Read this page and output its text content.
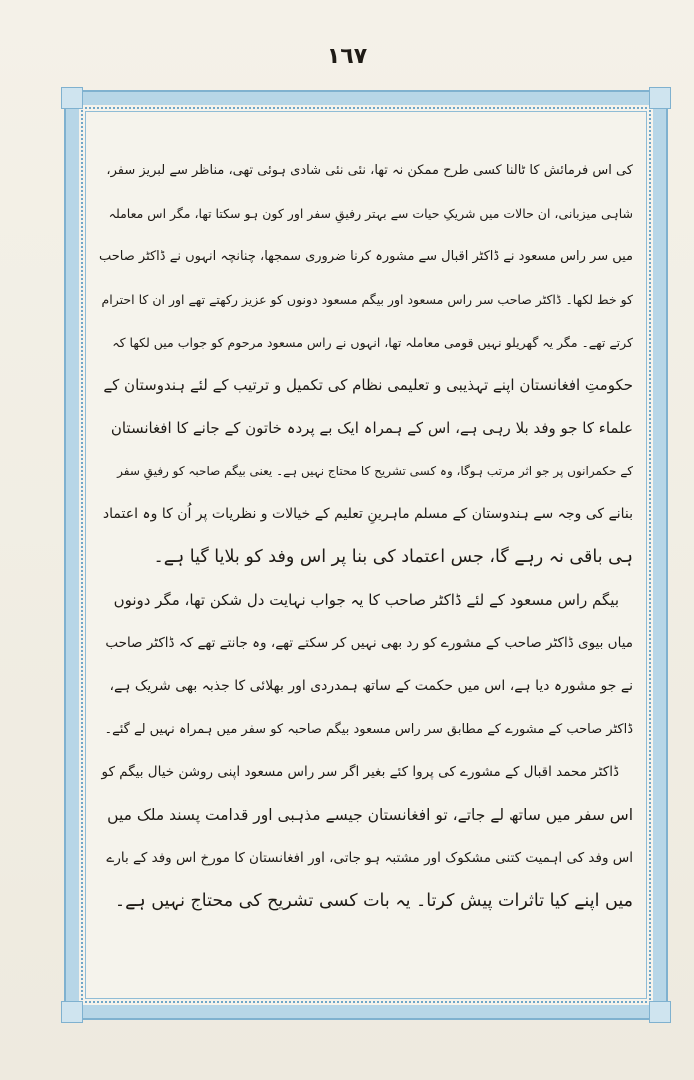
١٦٧
کی اس فرمائش کا ٹالنا کسی طرح ممکن نہ تھا، نئی نئی شادی ہوئی تھی، مناظر سے لبریز سفر،
شاہی میزبانی، ان حالات میں شریکِ حیات سے بہتر رفیقِ سفر اور کون ہو سکتا تھا، مگر اس معاملہ
میں سر راس مسعود نے ڈاکٹر اقبال سے مشورہ کرنا ضروری سمجھا، چنانچہ انہوں نے ڈاکٹر صاحب
کو خط لکھا۔ ڈاکٹر صاحب سر راس مسعود اور بیگم مسعود دونوں کو عزیز رکھتے تھے اور ان کا احترام
کرتے تھے۔ مگر یہ گھریلو نہیں قومی معاملہ تھا، انہوں نے راس مسعود مرحوم کو جواب میں لکھا کہ
حکومتِ افغانستان اپنے تہذیبی و تعلیمی نظام کی تکمیل و ترتیب کے لئے ہندوستان کے
علماء کا جو وفد بلا رہی ہے، اس کے ہمراہ ایک بے پردہ خاتون کے جانے کا افغانستان
کے حکمرانوں پر جو اثر مرتب ہوگا، وہ کسی تشریح کا محتاج نہیں ہے۔ یعنی بیگم صاحبہ کو رفیقِ سفر
بنانے کی وجہ سے ہندوستان کے مسلم ماہرینِ تعلیم کے خیالات و نظریات پر اُن کا وہ اعتماد
ہی باقی نہ رہے گا، جس اعتماد کی بنا پر اس وفد کو بلایا گیا ہے۔
بیگم راس مسعود کے لئے ڈاکٹر صاحب کا یہ جواب نہایت دل شکن تھا، مگر دونوں
میاں بیوی ڈاکٹر صاحب کے مشورے کو رد بھی نہیں کر سکتے تھے، وہ جانتے تھے کہ ڈاکٹر صاحب
نے جو مشورہ دیا ہے، اس میں حکمت کے ساتھ ہمدردی اور بھلائی کا جذبہ بھی شریک ہے،
ڈاکٹر صاحب کے مشورے کے مطابق سر راس مسعود بیگم صاحبہ کو سفر میں ہمراہ نہیں لے گئے۔
ڈاکٹر محمد اقبال کے مشورے کی پروا کئے بغیر اگر سر راس مسعود اپنی روشن خیال بیگم کو
اس سفر میں ساتھ لے جاتے، تو افغانستان جیسے مذہبی اور قدامت پسند ملک میں
اس وفد کی اہمیت کتنی مشکوک اور مشتبہ ہو جاتی، اور افغانستان کا مورخ اس وفد کے بارے
میں اپنے کیا تاثرات پیش کرتا۔ یہ بات کسی تشریح کی محتاج نہیں ہے۔
